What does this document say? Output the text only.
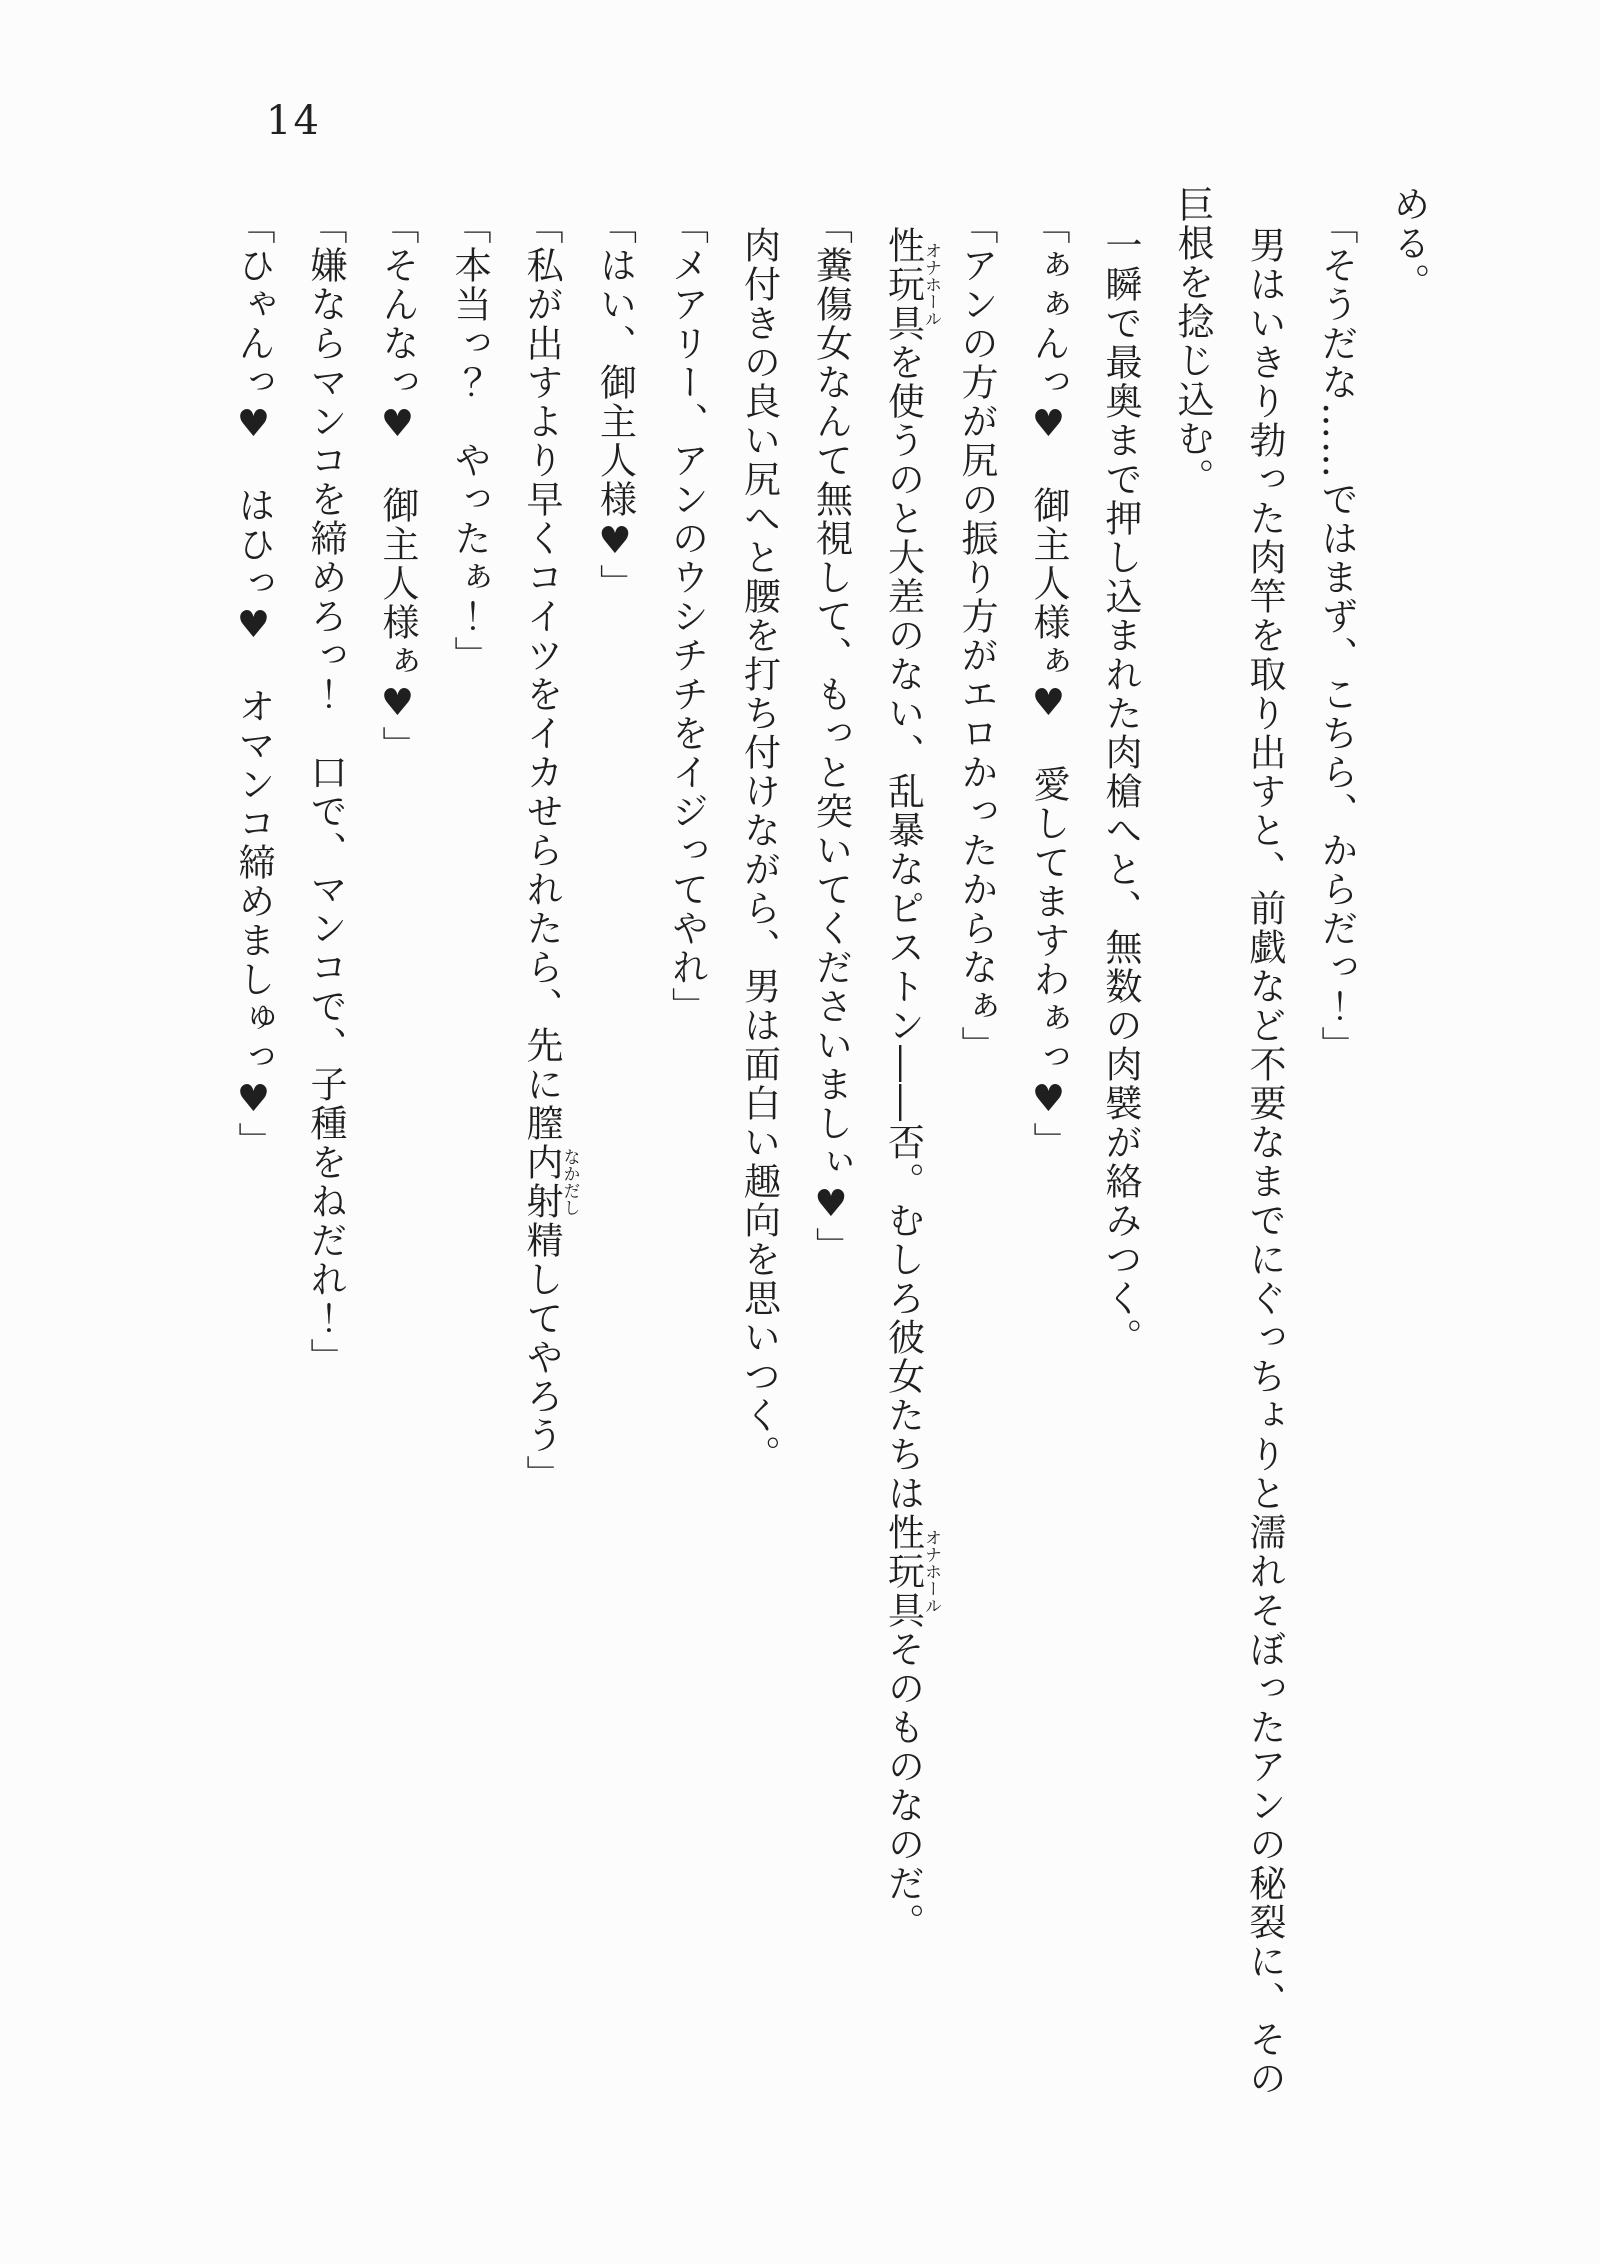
14

める。

「そうだな……ではまず、こちら、からだっ！」

男はいきり勃った肉竿を取り出すと、前戯など不要なまでにぐっちょりと濡れそぼったアンの秘裂に、その
巨根を捻じ込む。

一瞬で最奥まで押し込まれた肉槍へと、無数の肉襞が絡みつく。

「ぁぁんっ♥　御主人様ぁ♥　愛してますわぁっ♥」

「アンの方が尻の振り方がエロかったからなぁ」

性玩具オナホールを使うのと大差のない、乱暴なピストン――否。むしろ彼女たちは性玩具オナホールそのものなのだ。

「糞傷女なんて無視して、もっと突いてくださいましぃ♥」

肉付きの良い尻へと腰を打ち付けながら、男は面白い趣向を思いつく。

「メアリー、アンのウシチチをイジってやれ」

「はい、御主人様♥」

「私が出すより早くコイツをイカせられたら、先に膣内射精なかだししてやろう」

「本当っ？　やったぁ！」

「そんなっ♥　御主人様ぁ♥」

「嫌ならマンコを締めろっ！　口で、マンコで、子種をねだれ！」

「ひゃんっ♥　はひっ♥　オマンコ締めましゅっ♥」
